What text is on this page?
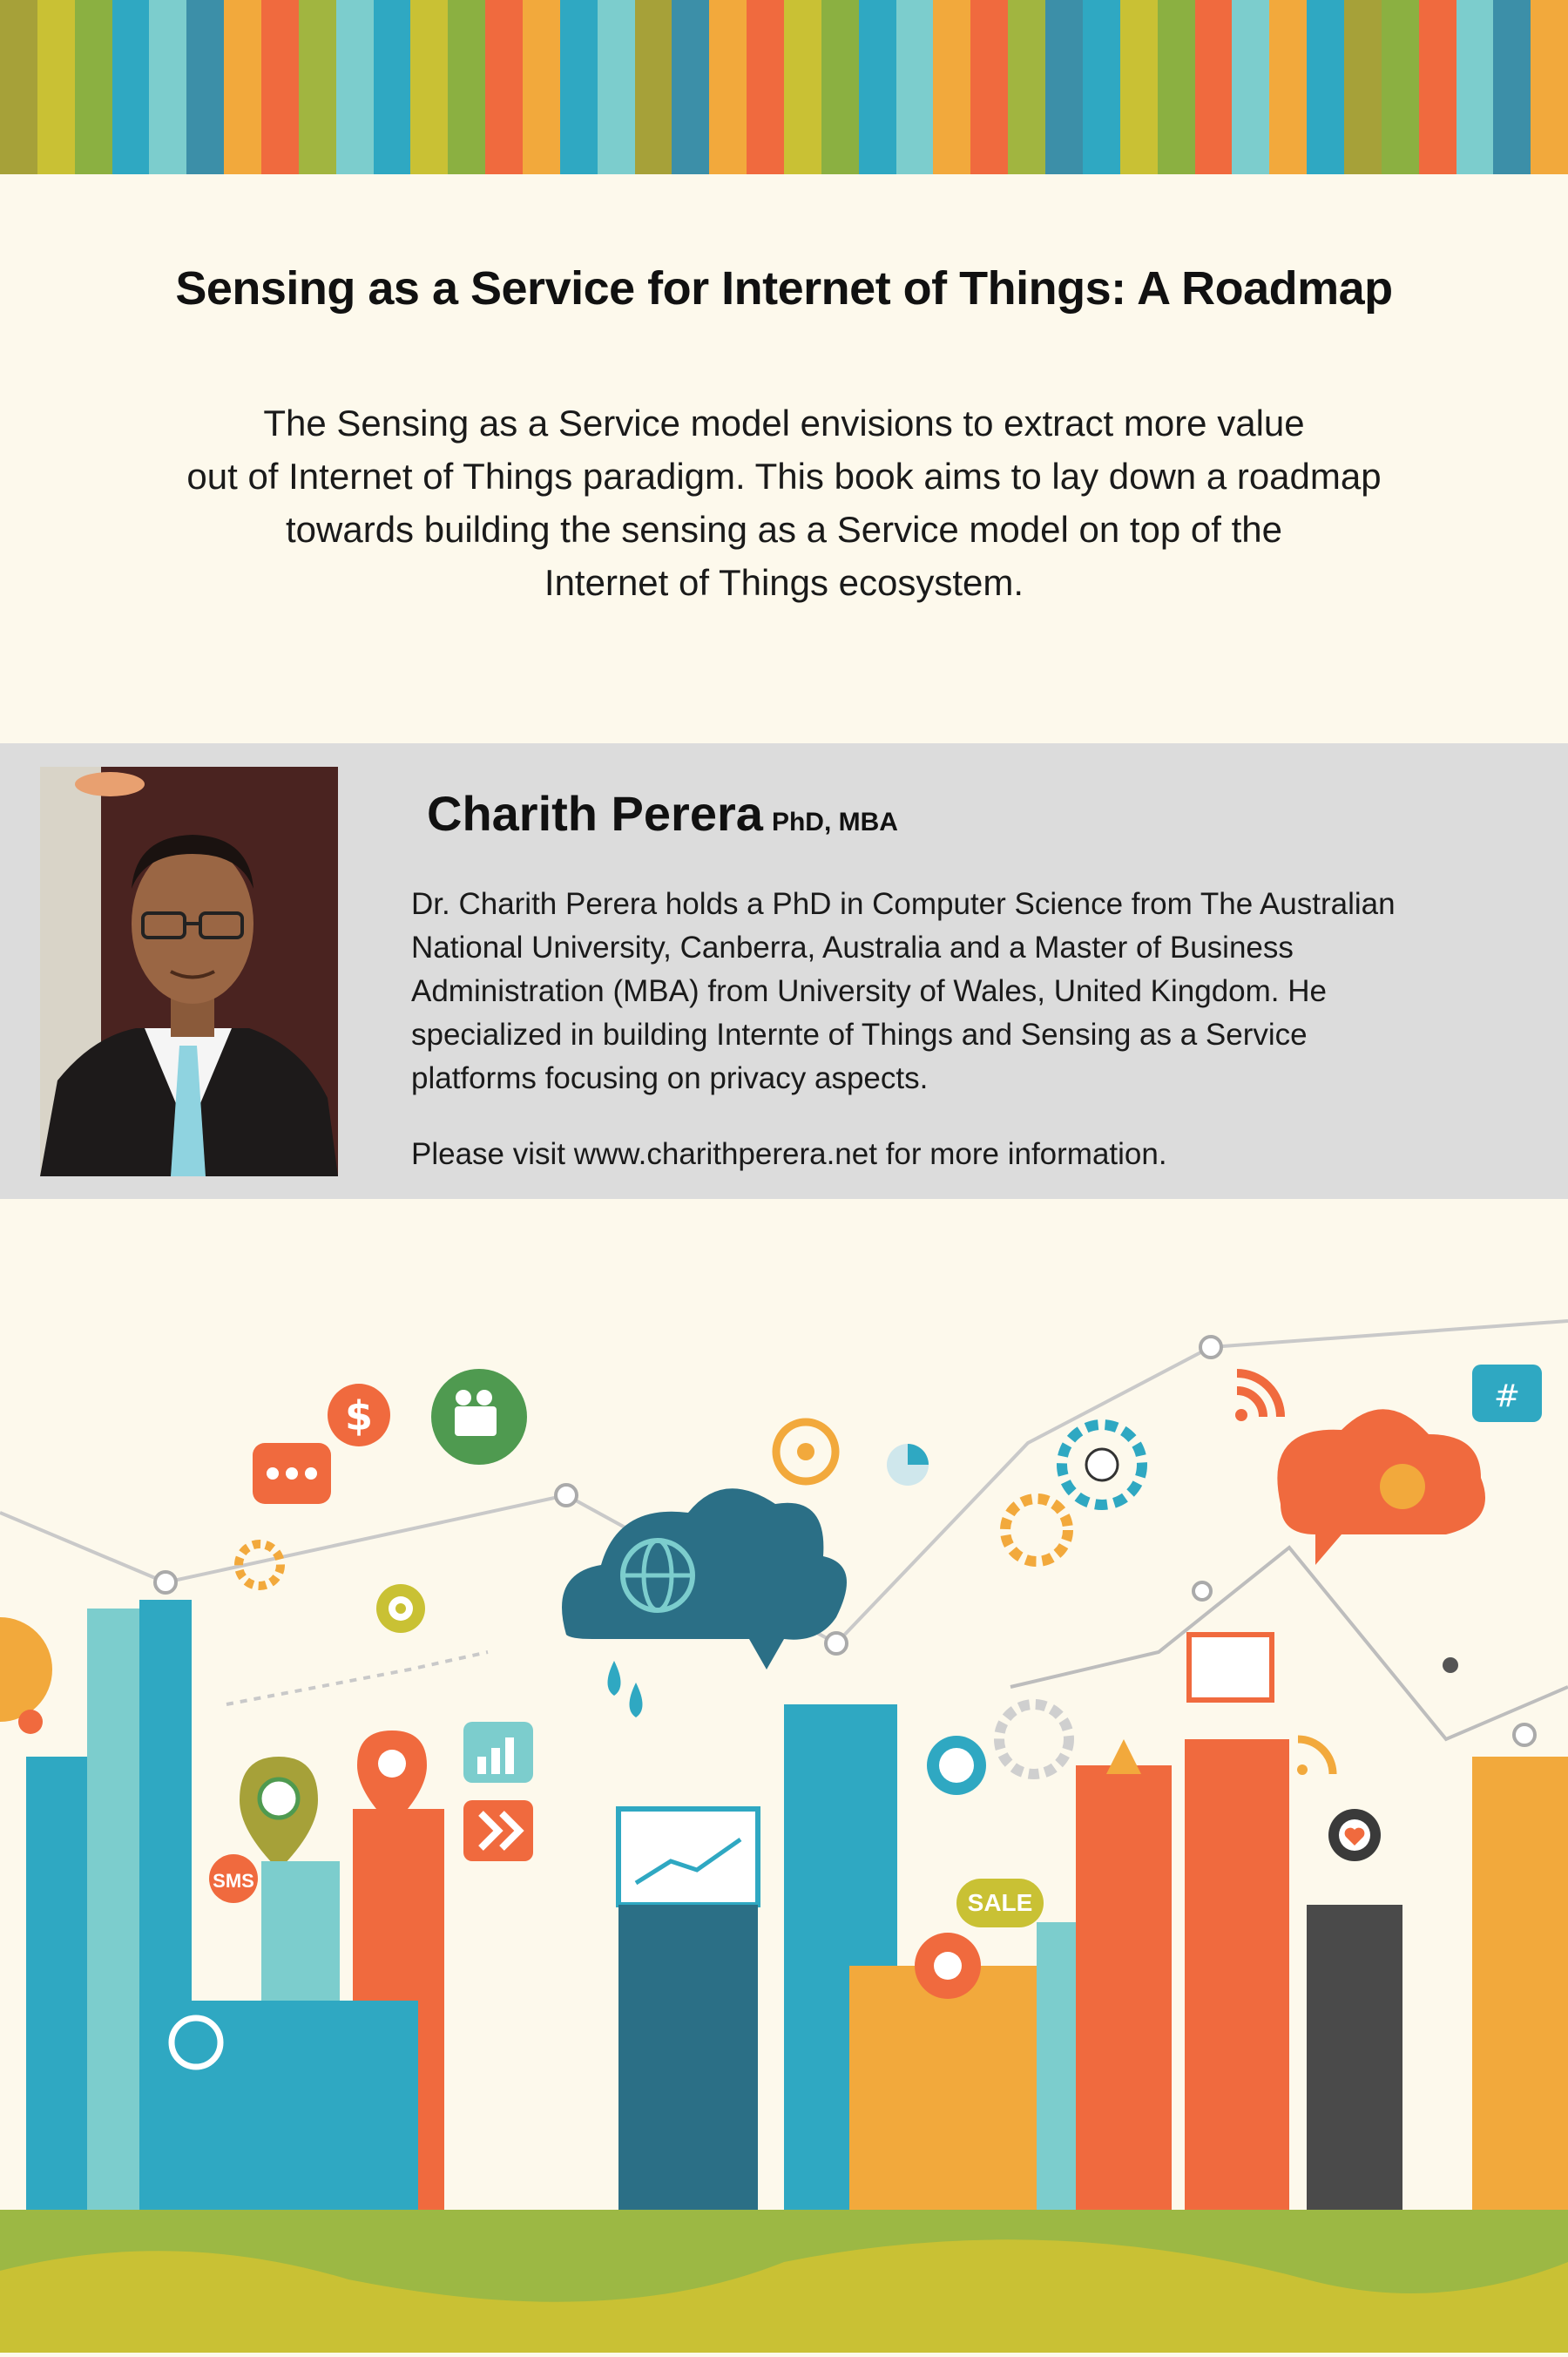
Sensing as a Service for Internet of Things: A Roadmap
The Sensing as a Service model envisions to extract more value
out of Internet of Things paradigm. This book aims to lay down a roadmap
towards building the sensing as a Service model on top of the
Internet of Things ecosystem.
Charith Perera PhD, MBA
Dr. Charith Perera holds a PhD in Computer Science from The Australian
National University, Canberra, Australia and a Master of Business
Administration (MBA) from University of Wales, United Kingdom. He
specialized in building Internte of Things and Sensing as a Service
platforms focusing on privacy aspects.
Please visit www.charithperera.net for more information.
$
SMS
SALE
#
